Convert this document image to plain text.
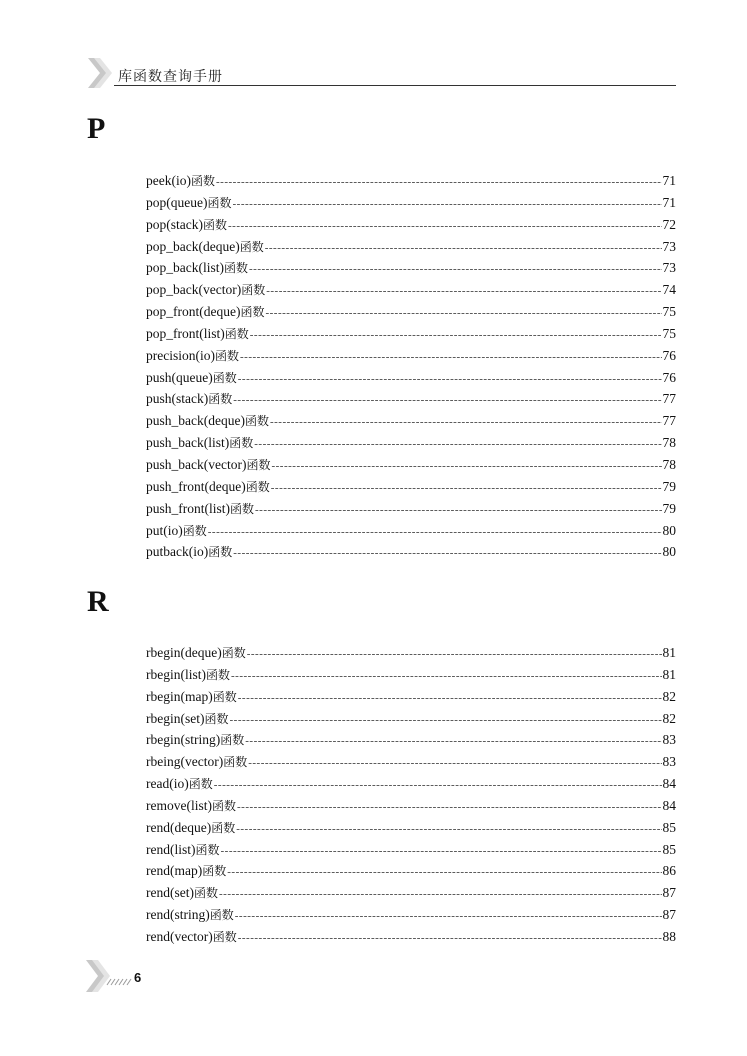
库函数查询手册
P
peek(io)函数 -----	71
pop(queue)函数 -----	71
pop(stack)函数 -----	72
pop_back(deque)函数 -----	73
pop_back(list)函数 -----	73
pop_back(vector)函数 -----	74
pop_front(deque)函数 -----	75
pop_front(list)函数 -----	75
precision(io)函数 -----	76
push(queue)函数 -----	76
push(stack)函数 -----	77
push_back(deque)函数 -----	77
push_back(list)函数 -----	78
push_back(vector)函数 -----	78
push_front(deque)函数 -----	79
push_front(list)函数 -----	79
put(io)函数 -----	80
putback(io)函数 -----	80
R
rbegin(deque)函数 -----	81
rbegin(list)函数 -----	81
rbegin(map)函数 -----	82
rbegin(set)函数 -----	82
rbegin(string)函数 -----	83
rbeing(vector)函数 -----	83
read(io)函数 -----	84
remove(list)函数 -----	84
rend(deque)函数 -----	85
rend(list)函数 -----	85
rend(map)函数 -----	86
rend(set)函数 -----	87
rend(string)函数 -----	87
rend(vector)函数 -----	88
6
